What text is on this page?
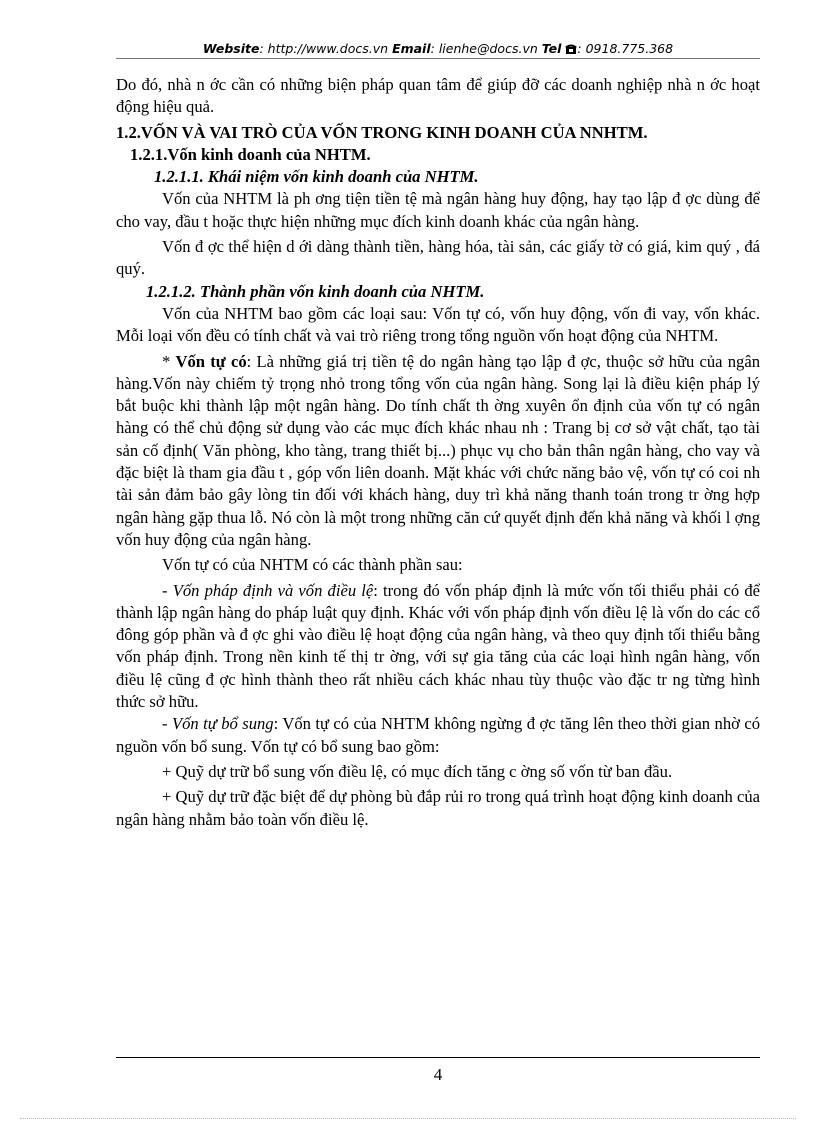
Website: http://www.docs.vn Email: lienhe@docs.vn Tel : 0918.775.368

Do đó, nhà n ớc cần có những biện pháp quan tâm để giúp đỡ các doanh nghiệp nhà n ớc hoạt động hiệu quả.

1.2.VỐN VÀ VAI TRÒ CỦA VỐN TRONG KINH DOANH CỦA NNHTM.

1.2.1.Vốn kinh doanh của NHTM.

1.2.1.1. Khái niệm vốn kinh doanh của NHTM.

Vốn của NHTM là ph ơng tiện tiền tệ mà ngân hàng huy động, hay tạo lập đ ợc dùng để cho vay, đầu t hoặc thực hiện những mục đích kinh doanh khác của ngân hàng.

Vốn đ ợc thể hiện d ới dàng thành tiền, hàng hóa, tài sản, các giấy tờ có giá, kim quý , đá quý.

1.2.1.2. Thành phần vốn kinh doanh của NHTM.

Vốn của NHTM bao gồm các loại sau: Vốn tự có, vốn huy động, vốn đi vay, vốn khác. Mỗi loại vốn đều có tính chất và vai trò riêng trong tổng nguồn vốn hoạt động của NHTM.

* Vốn tự có: Là những giá trị tiền tệ do ngân hàng tạo lập đ ợc, thuộc sở hữu của ngân hàng.Vốn này chiếm tỷ trọng nhỏ trong tổng vốn của ngân hàng. Song lại là điều kiện pháp lý bắt buộc khi thành lập một ngân hàng. Do tính chất th ờng xuyên ổn định của vốn tự có ngân hàng có thể chủ động sử dụng vào các mục đích khác nhau nh : Trang bị cơ sở vật chất, tạo tài sản cố định( Văn phòng, kho tàng, trang thiết bị...) phục vụ cho bản thân ngân hàng, cho vay và đặc biệt là tham gia đầu t , góp vốn liên doanh. Mặt khác với chức năng bảo vệ, vốn tự có coi nh tài sản đảm bảo gây lòng tin đối với khách hàng, duy trì khả năng thanh toán trong tr ờng hợp ngân hàng gặp thua lỗ. Nó còn là một trong những căn cứ quyết định đến khả năng và khối l ợng vốn huy động của ngân hàng.

Vốn tự có của NHTM có các thành phần sau:

- Vốn pháp định và vốn điều lệ: trong đó vốn pháp định là mức vốn tối thiểu phải có để thành lập ngân hàng do pháp luật quy định. Khác với vốn pháp định vốn điều lệ là vốn do các cổ đông góp phần và đ ợc ghi vào điều lệ hoạt động của ngân hàng, và theo quy định tối thiểu bằng vốn pháp định. Trong nền kinh tế thị tr ờng, với sự gia tăng của các loại hình ngân hàng, vốn điều lệ cũng đ ợc hình thành theo rất nhiều cách khác nhau tùy thuộc vào đặc tr ng từng hình thức sở hữu.

- Vốn tự bổ sung: Vốn tự có của NHTM không ngừng đ ợc tăng lên theo thời gian nhờ có nguồn vốn bổ sung. Vốn tự có bổ sung bao gồm:

+ Quỹ dự trữ bổ sung vốn điều lệ, có mục đích tăng c ờng số vốn từ ban đầu.

+ Quỹ dự trữ đặc biệt để dự phòng bù đắp rủi ro trong quá trình hoạt động kinh doanh của ngân hàng nhằm bảo toàn vốn điều lệ.

4
